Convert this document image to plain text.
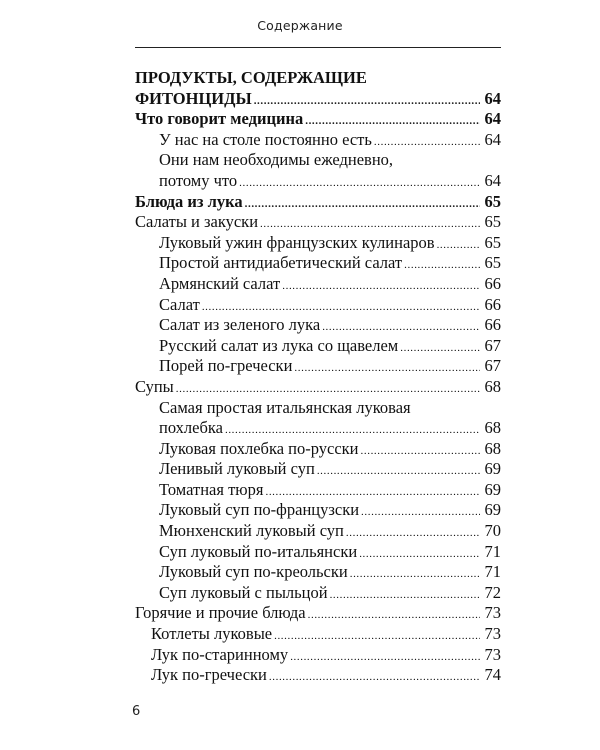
Содержание
ПРОДУКТЫ, СОДЕРЖАЩИЕ
ФИТОНЦИДЫ .....	64
Что говорит медицина .....	64
У нас на столе постоянно есть .....	64
Они нам необходимы ежедневно,
потому что .....	64
Блюда из лука .....	65
Салаты и закуски .....	65
Луковый ужин французских кулинаров .....	65
Простой антидиабетический салат .....	65
Армянский салат .....	66
Салат .....	66
Салат из зеленого лука .....	66
Русский салат из лука со щавелем .....	67
Порей по-гречески .....	67
Супы .....	68
Самая простая итальянская луковая
похлебка .....	68
Луковая похлебка по-русски .....	68
Ленивый луковый суп .....	69
Томатная тюря .....	69
Луковый суп по-французски .....	69
Мюнхенский луковый суп .....	70
Суп луковый по-итальянски .....	71
Луковый суп по-креольски .....	71
Суп луковый с пыльцой .....	72
Горячие и прочие блюда .....	73
Котлеты луковые .....	73
Лук по-старинному .....	73
Лук по-гречески .....	74
6
